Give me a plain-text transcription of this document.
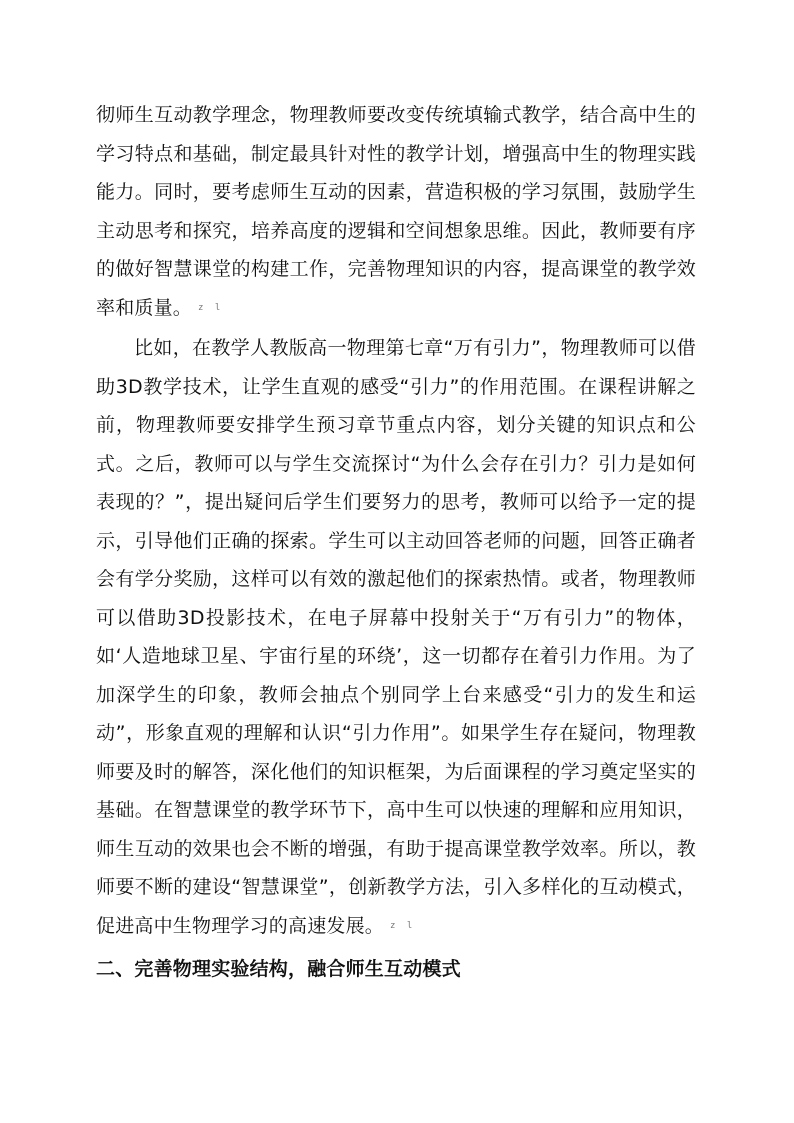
彻师生互动教学理念，物理教师要改变传统填输式教学，结合高中生的学习特点和基础，制定最具针对性的教学计划，增强高中生的物理实践能力。同时，要考虑师生互动的因素，营造积极的学习氛围，鼓励学生主动思考和探究，培养高度的逻辑和空间想象思维。因此，教师要有序的做好智慧课堂的构建工作，完善物理知识的内容，提高课堂的教学效率和质量。 z l

比如，在教学人教版高一物理第七章“万有引力”，物理教师可以借助3D教学技术，让学生直观的感受“引力”的作用范围。在课程讲解之前，物理教师要安排学生预习章节重点内容，划分关键的知识点和公式。之后，教师可以与学生交流探讨“为什么会存在引力？引力是如何表现的？”，提出疑问后学生们要努力的思考，教师可以给予一定的提示，引导他们正确的探索。学生可以主动回答老师的问题，回答正确者会有学分奖励，这样可以有效的激起他们的探索热情。或者，物理教师可以借助3D投影技术，在电子屏幕中投射关于“万有引力”的物体，如‘人造地球卫星、宇宙行星的环绕’，这一切都存在着引力作用。为了加深学生的印象，教师会抽点个别同学上台来感受“引力的发生和运动”，形象直观的理解和认识“引力作用”。如果学生存在疑问，物理教师要及时的解答，深化他们的知识框架，为后面课程的学习奠定坚实的基础。在智慧课堂的教学环节下，高中生可以快速的理解和应用知识，师生互动的效果也会不断的增强，有助于提高课堂教学效率。所以，教师要不断的建设“智慧课堂”，创新教学方法，引入多样化的互动模式，促进高中生物理学习的高速发展。 z l

二、完善物理实验结构，融合师生互动模式
